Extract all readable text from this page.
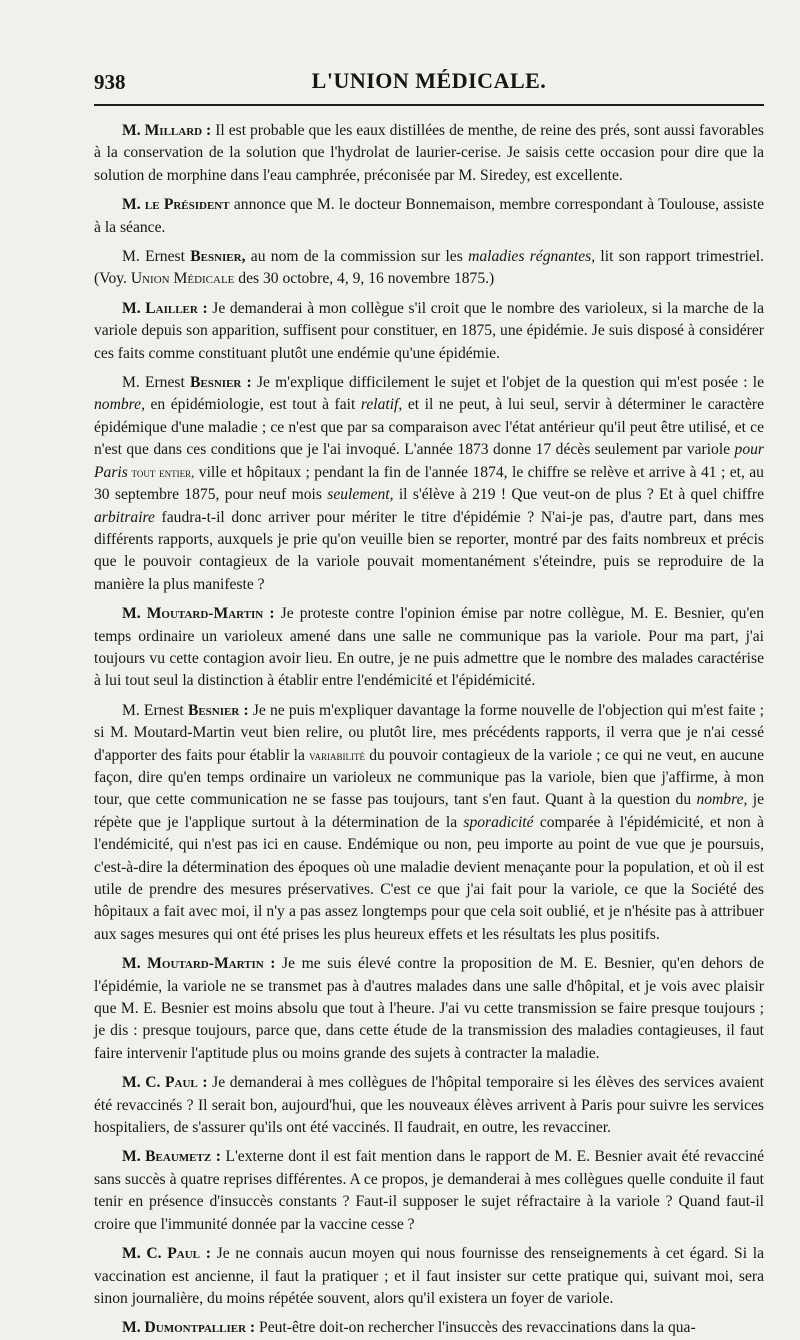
938	L'UNION MÉDICALE.

M. Millard : Il est probable que les eaux distillées de menthe, de reine des prés, sont aussi favorables à la conservation de la solution que l'hydrolat de laurier-cerise. Je saisis cette occasion pour dire que la solution de morphine dans l'eau camphrée, préconisée par M. Siredey, est excellente.

M. le Président annonce que M. le docteur Bonnemaison, membre correspondant à Toulouse, assiste à la séance.

M. Ernest Besnier, au nom de la commission sur les maladies régnantes, lit son rapport trimestriel. (Voy. Union Médicale des 30 octobre, 4, 9, 16 novembre 1875.)

M. Lailler : Je demanderai à mon collègue s'il croit que le nombre des varioleux, si la marche de la variole depuis son apparition, suffisent pour constituer, en 1875, une épidémie. Je suis disposé à considérer ces faits comme constituant plutôt une endémie qu'une épidémie.

M. Ernest Besnier : Je m'explique difficilement le sujet et l'objet de la question qui m'est posée : le nombre, en épidémiologie, est tout à fait relatif, et il ne peut, à lui seul, servir à déterminer le caractère épidémique d'une maladie ; ce n'est que par sa comparaison avec l'état antérieur qu'il peut être utilisé, et ce n'est que dans ces conditions que je l'ai invoqué. L'année 1873 donne 17 décès seulement par variole pour Paris tout entier, ville et hôpitaux ; pendant la fin de l'année 1874, le chiffre se relève et arrive à 41 ; et, au 30 septembre 1875, pour neuf mois seulement, il s'élève à 219 ! Que veut-on de plus ? Et à quel chiffre arbitraire faudra-t-il donc arriver pour mériter le titre d'épidémie ? N'ai-je pas, d'autre part, dans mes différents rapports, auxquels je prie qu'on veuille bien se reporter, montré par des faits nombreux et précis que le pouvoir contagieux de la variole pouvait momentanément s'éteindre, puis se reproduire de la manière la plus manifeste ?

M. Moutard-Martin : Je proteste contre l'opinion émise par notre collègue, M. E. Besnier, qu'en temps ordinaire un varioleux amené dans une salle ne communique pas la variole. Pour ma part, j'ai toujours vu cette contagion avoir lieu. En outre, je ne puis admettre que le nombre des malades caractérise à lui tout seul la distinction à établir entre l'endémicité et l'épidémicité.

M. Ernest Besnier : Je ne puis m'expliquer davantage la forme nouvelle de l'objection qui m'est faite ; si M. Moutard-Martin veut bien relire, ou plutôt lire, mes précédents rapports, il verra que je n'ai cessé d'apporter des faits pour établir la variabilité du pouvoir contagieux de la variole ; ce qui ne veut, en aucune façon, dire qu'en temps ordinaire un varioleux ne communique pas la variole, bien que j'affirme, à mon tour, que cette communication ne se fasse pas toujours, tant s'en faut. Quant à la question du nombre, je répète que je l'applique surtout à la détermination de la sporadicité comparée à l'épidémicité, et non à l'endémicité, qui n'est pas ici en cause. Endémique ou non, peu importe au point de vue que je poursuis, c'est-à-dire la détermination des époques où une maladie devient menaçante pour la population, et où il est utile de prendre des mesures préservatives. C'est ce que j'ai fait pour la variole, ce que la Société des hôpitaux a fait avec moi, il n'y a pas assez longtemps pour que cela soit oublié, et je n'hésite pas à attribuer aux sages mesures qui ont été prises les plus heureux effets et les résultats les plus positifs.

M. Moutard-Martin : Je me suis élevé contre la proposition de M. E. Besnier, qu'en dehors de l'épidémie, la variole ne se transmet pas à d'autres malades dans une salle d'hôpital, et je vois avec plaisir que M. E. Besnier est moins absolu que tout à l'heure. J'ai vu cette transmission se faire presque toujours ; je dis : presque toujours, parce que, dans cette étude de la transmission des maladies contagieuses, il faut faire intervenir l'aptitude plus ou moins grande des sujets à contracter la maladie.

M. C. Paul : Je demanderai à mes collègues de l'hôpital temporaire si les élèves des services avaient été revaccinés ? Il serait bon, aujourd'hui, que les nouveaux élèves arrivent à Paris pour suivre les services hospitaliers, de s'assurer qu'ils ont été vaccinés. Il faudrait, en outre, les revacciner.

M. Beaumetz : L'externe dont il est fait mention dans le rapport de M. E. Besnier avait été revacciné sans succès à quatre reprises différentes. A ce propos, je demanderai à mes collègues quelle conduite il faut tenir en présence d'insuccès constants ? Faut-il supposer le sujet réfractaire à la variole ? Quand faut-il croire que l'immunité donnée par la vaccine cesse ?

M. C. Paul : Je ne connais aucun moyen qui nous fournisse des renseignements à cet égard. Si la vaccination est ancienne, il faut la pratiquer ; et il faut insister sur cette pratique qui, suivant moi, sera sinon journalière, du moins répétée souvent, alors qu'il existera un foyer de variole.

M. Dumontpallier : Peut-être doit-on rechercher l'insuccès des revaccinations dans la qua-
